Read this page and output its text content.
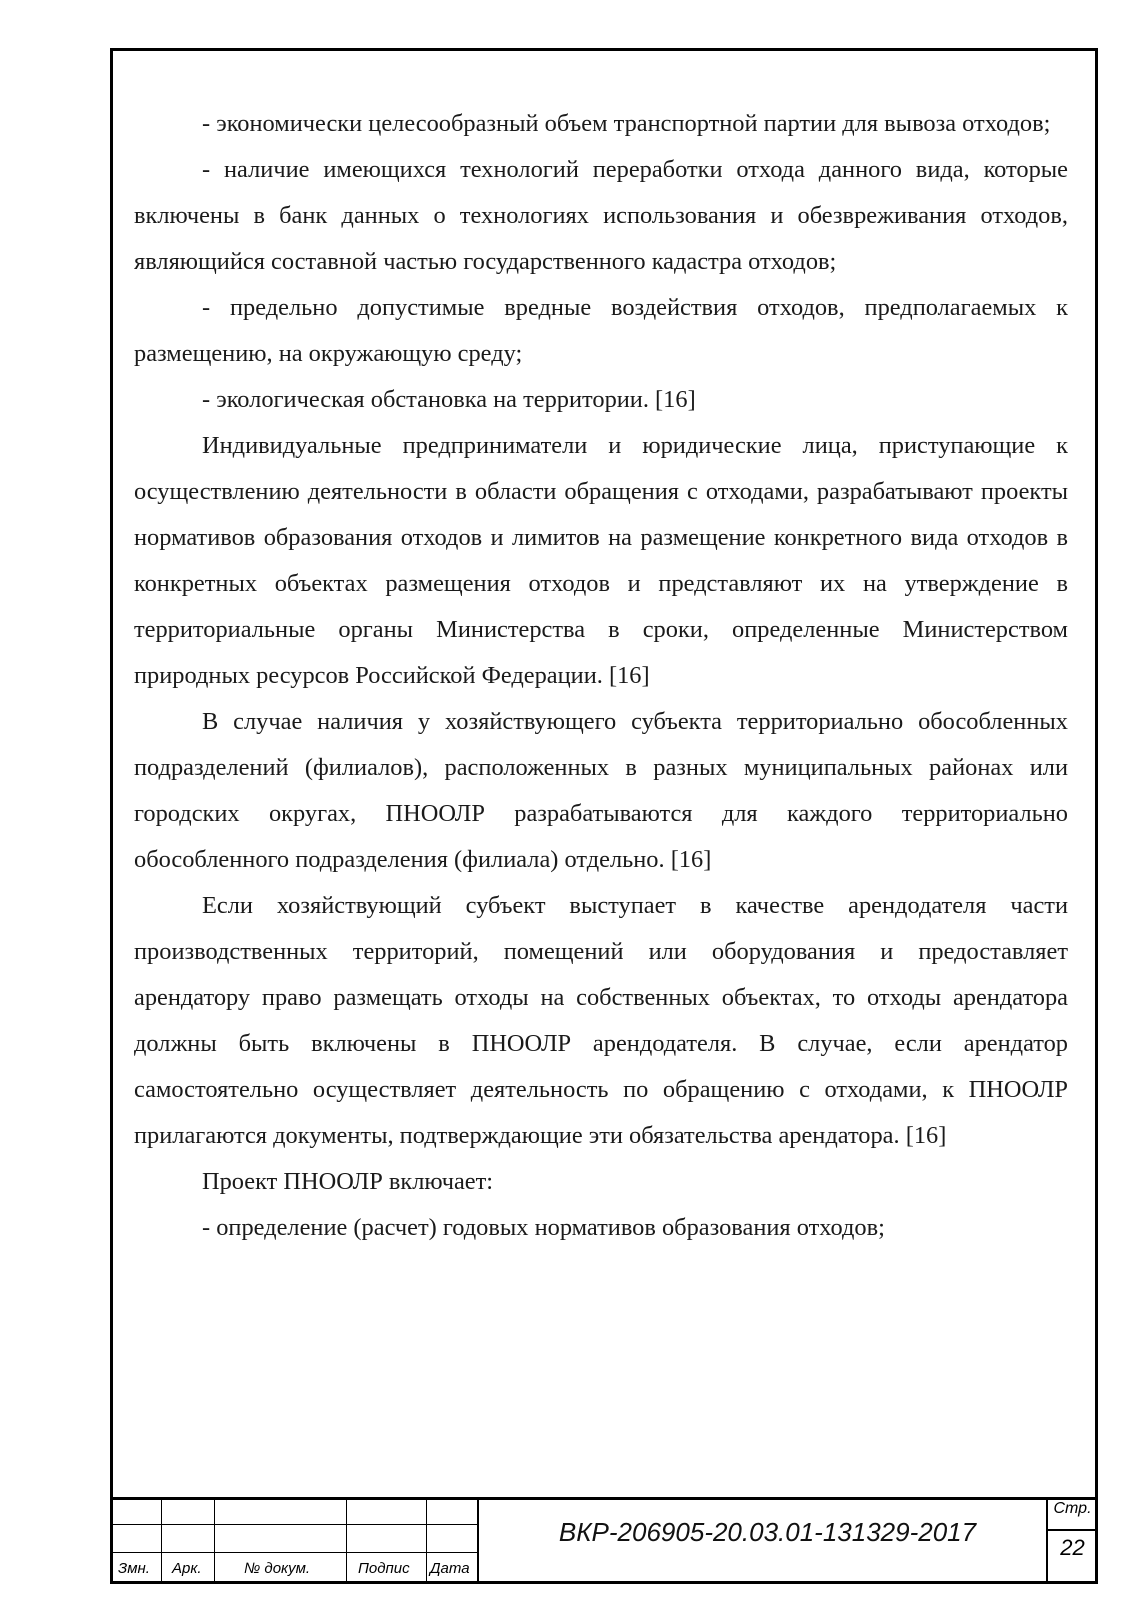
- экономически целесообразный объем транспортной партии для вывоза отходов;

- наличие имеющихся технологий переработки отхода данного вида, которые включены в банк данных о технологиях использования и обезвреживания отходов, являющийся составной частью государственного кадастра отходов;

- предельно допустимые вредные воздействия отходов, предполагаемых к размещению, на окружающую среду;

- экологическая обстановка на территории. [16]

Индивидуальные предприниматели и юридические лица, приступающие к осуществлению деятельности в области обращения с отходами, разрабатывают проекты нормативов образования отходов и лимитов на размещение конкретного вида отходов в конкретных объектах размещения отходов и представляют их на утверждение в территориальные органы Министерства в сроки, определенные Министерством природных ресурсов Российской Федерации. [16]

В случае наличия у хозяйствующего субъекта территориально обособленных подразделений (филиалов), расположенных в разных муниципальных районах или городских округах, ПНООЛР разрабатываются для каждого территориально обособленного подразделения (филиала) отдельно. [16]

Если хозяйствующий субъект выступает в качестве арендодателя части производственных территорий, помещений или оборудования и предоставляет арендатору право размещать отходы на собственных объектах, то отходы арендатора должны быть включены в ПНООЛР арендодателя. В случае, если арендатор самостоятельно осуществляет деятельность по обращению с отходами, к ПНООЛР прилагаются документы, подтверждающие эти обязательства арендатора. [16]

Проект ПНООЛР включает:

- определение (расчет) годовых нормативов образования отходов;

Змн. Арк.	№ докум.	Подпис Дата
ВКР-206905-20.03.01-131329-2017
Стр.
22
